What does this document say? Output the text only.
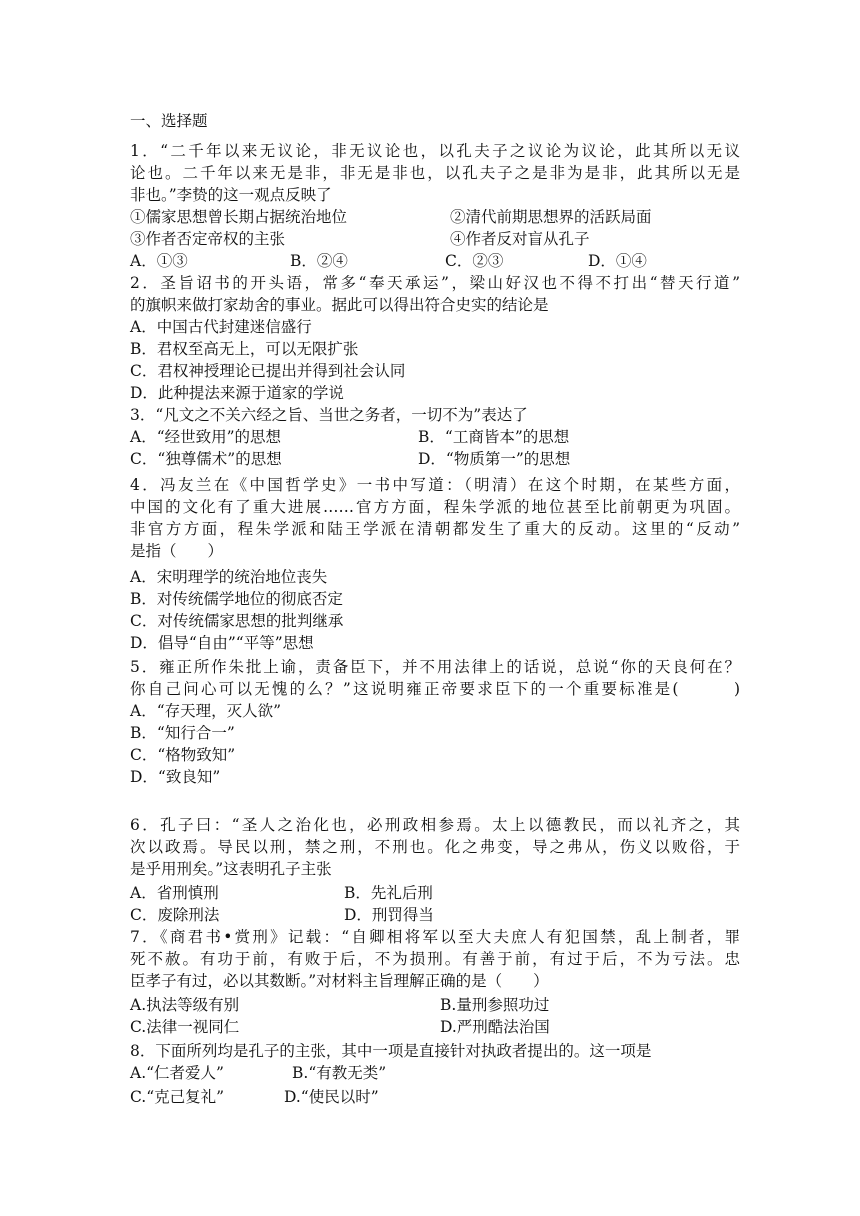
一、选择题
1．“二千年以来无议论，非无议论也，以孔夫子之议论为议论，此其所以无议
论也。二千年以来无是非，非无是非也，以孔夫子之是非为是非，此其所以无是
非也。”李贽的这一观点反映了
①儒家思想曾长期占据统治地位	②清代前期思想界的活跃局面
③作者否定帝权的主张	④作者反对盲从孔子
A．①③	B．②④	C．②③	D．①④
2．圣旨诏书的开头语，常多“奉天承运”，梁山好汉也不得不打出“替天行道”
的旗帜来做打家劫舍的事业。据此可以得出符合史实的结论是
A．中国古代封建迷信盛行
B．君权至高无上，可以无限扩张
C．君权神授理论已提出并得到社会认同
D．此种提法来源于道家的学说
3．“凡文之不关六经之旨、当世之务者，一切不为”表达了
A．“经世致用”的思想	B．“工商皆本”的思想
C．“独尊儒术”的思想	D．“物质第一”的思想
4．冯友兰在《中国哲学史》一书中写道：（明清）在这个时期，在某些方面，
中国的文化有了重大进展……官方方面，程朱学派的地位甚至比前朝更为巩固。
非官方方面，程朱学派和陆王学派在清朝都发生了重大的反动。这里的“反动”
是指（　　）
A．宋明理学的统治地位丧失
B．对传统儒学地位的彻底否定
C．对传统儒家思想的批判继承
D．倡导“自由”“平等”思想
5．雍正所作朱批上谕，责备臣下，并不用法律上的话说，总说“你的天良何在？
你自己问心可以无愧的么？”这说明雍正帝要求臣下的一个重要标准是(　　　)
A．“存天理，灭人欲”
B．“知行合一”
C．“格物致知”
D．“致良知”
6．孔子曰：“圣人之治化也，必刑政相参焉。太上以德教民，而以礼齐之，其
次以政焉。导民以刑，禁之刑，不刑也。化之弗变，导之弗从，伤义以败俗，于
是乎用刑矣。”这表明孔子主张
A．省刑慎刑	B．先礼后刑
C．废除刑法	D．刑罚得当
7．《商君书•赏刑》记载：“自卿相将军以至大夫庶人有犯国禁，乱上制者，罪
死不赦。有功于前，有败于后，不为损刑。有善于前，有过于后，不为亏法。忠
臣孝子有过，必以其数断。”对材料主旨理解正确的是（　　）
A.执法等级有别	B.量刑参照功过
C.法律一视同仁	D.严刑酷法治国
8．下面所列均是孔子的主张，其中一项是直接针对执政者提出的。这一项是
A.“仁者爱人”	B.“有教无类”
C.“克己复礼”	D.“使民以时”
